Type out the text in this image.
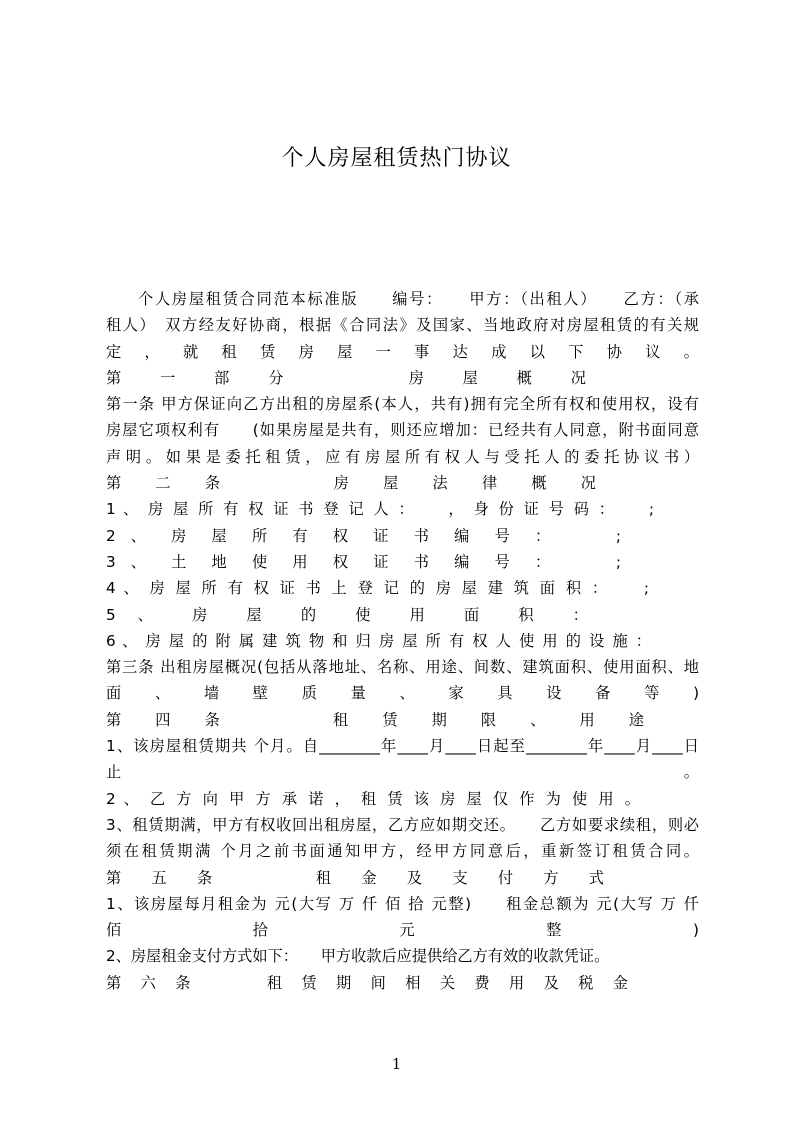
个人房屋租赁热门协议
个人房屋租赁合同范本标准版　　编号：　　甲方：（出租人）　　乙方：（承
租人）　双方经友好协商，根据《合同法》及国家、当地政府对房屋租赁的有关规
定 ， 就 租 赁 房 屋 一 事 达 成 以 下 协 议 。
第 一 部 分 　　 房 屋 概 况
第一条 甲方保证向乙方出租的房屋系(本人，共有)拥有完全所有权和使用权，设有
房屋它项权利有　　(如果房屋是共有，则还应增加：已经共有人同意，附书面同意
声明。如果是委托租赁，应有房屋所有权人与受托人的委托协议书）
第 二 条 　　 房 屋 法 律 概 况
1 、 房 屋 所 有 权 证 书 登 记 人 ： 　 ， 身 份 证 号 码 ： 　 ;
2 、 房 屋 所 有 权 证 书 编 号 ： 　 ;
3 、 土 地 使 用 权 证 书 编 号 ： 　 ;
4 、 房 屋 所 有 权 证 书 上 登 记 的 房 屋 建 筑 面 积 ： 　 ;
5 、 房 屋 的 使 用 面 积 ：
6 、 房 屋 的 附 属 建 筑 物 和 归 房 屋 所 有 权 人 使 用 的 设 施 ：
第三条 出租房屋概况(包括从落地址、名称、用途、间数、建筑面积、使用面积、地
面 、 墙 壁 质 量 、 家 具 设 备 等 )
第 四 条 　　 租 赁 期 限 、 用 途
1、该房屋租赁期共 个月。自________年____月____日起至________年____月____日
止 。
2 、 乙 方 向 甲 方 承 诺 ， 租 赁 该 房 屋 仅 作 为 使 用 。
3、租赁期满，甲方有权收回出租房屋，乙方应如期交还。　　乙方如要求续租，则必
须在租赁期满 个月之前书面通知甲方，经甲方同意后，重新签订租赁合同。
第 五 条 　　 租 金 及 支 付 方 式
1、该房屋每月租金为 元(大写 万 仟 佰 拾 元整)　　租金总额为 元(大写 万 仟
佰 拾 元 整 )
2、房屋租金支付方式如下：　　甲方收款后应提供给乙方有效的收款凭证。
第 六 条 　　 租 赁 期 间 相 关 费 用 及 税 金
1
